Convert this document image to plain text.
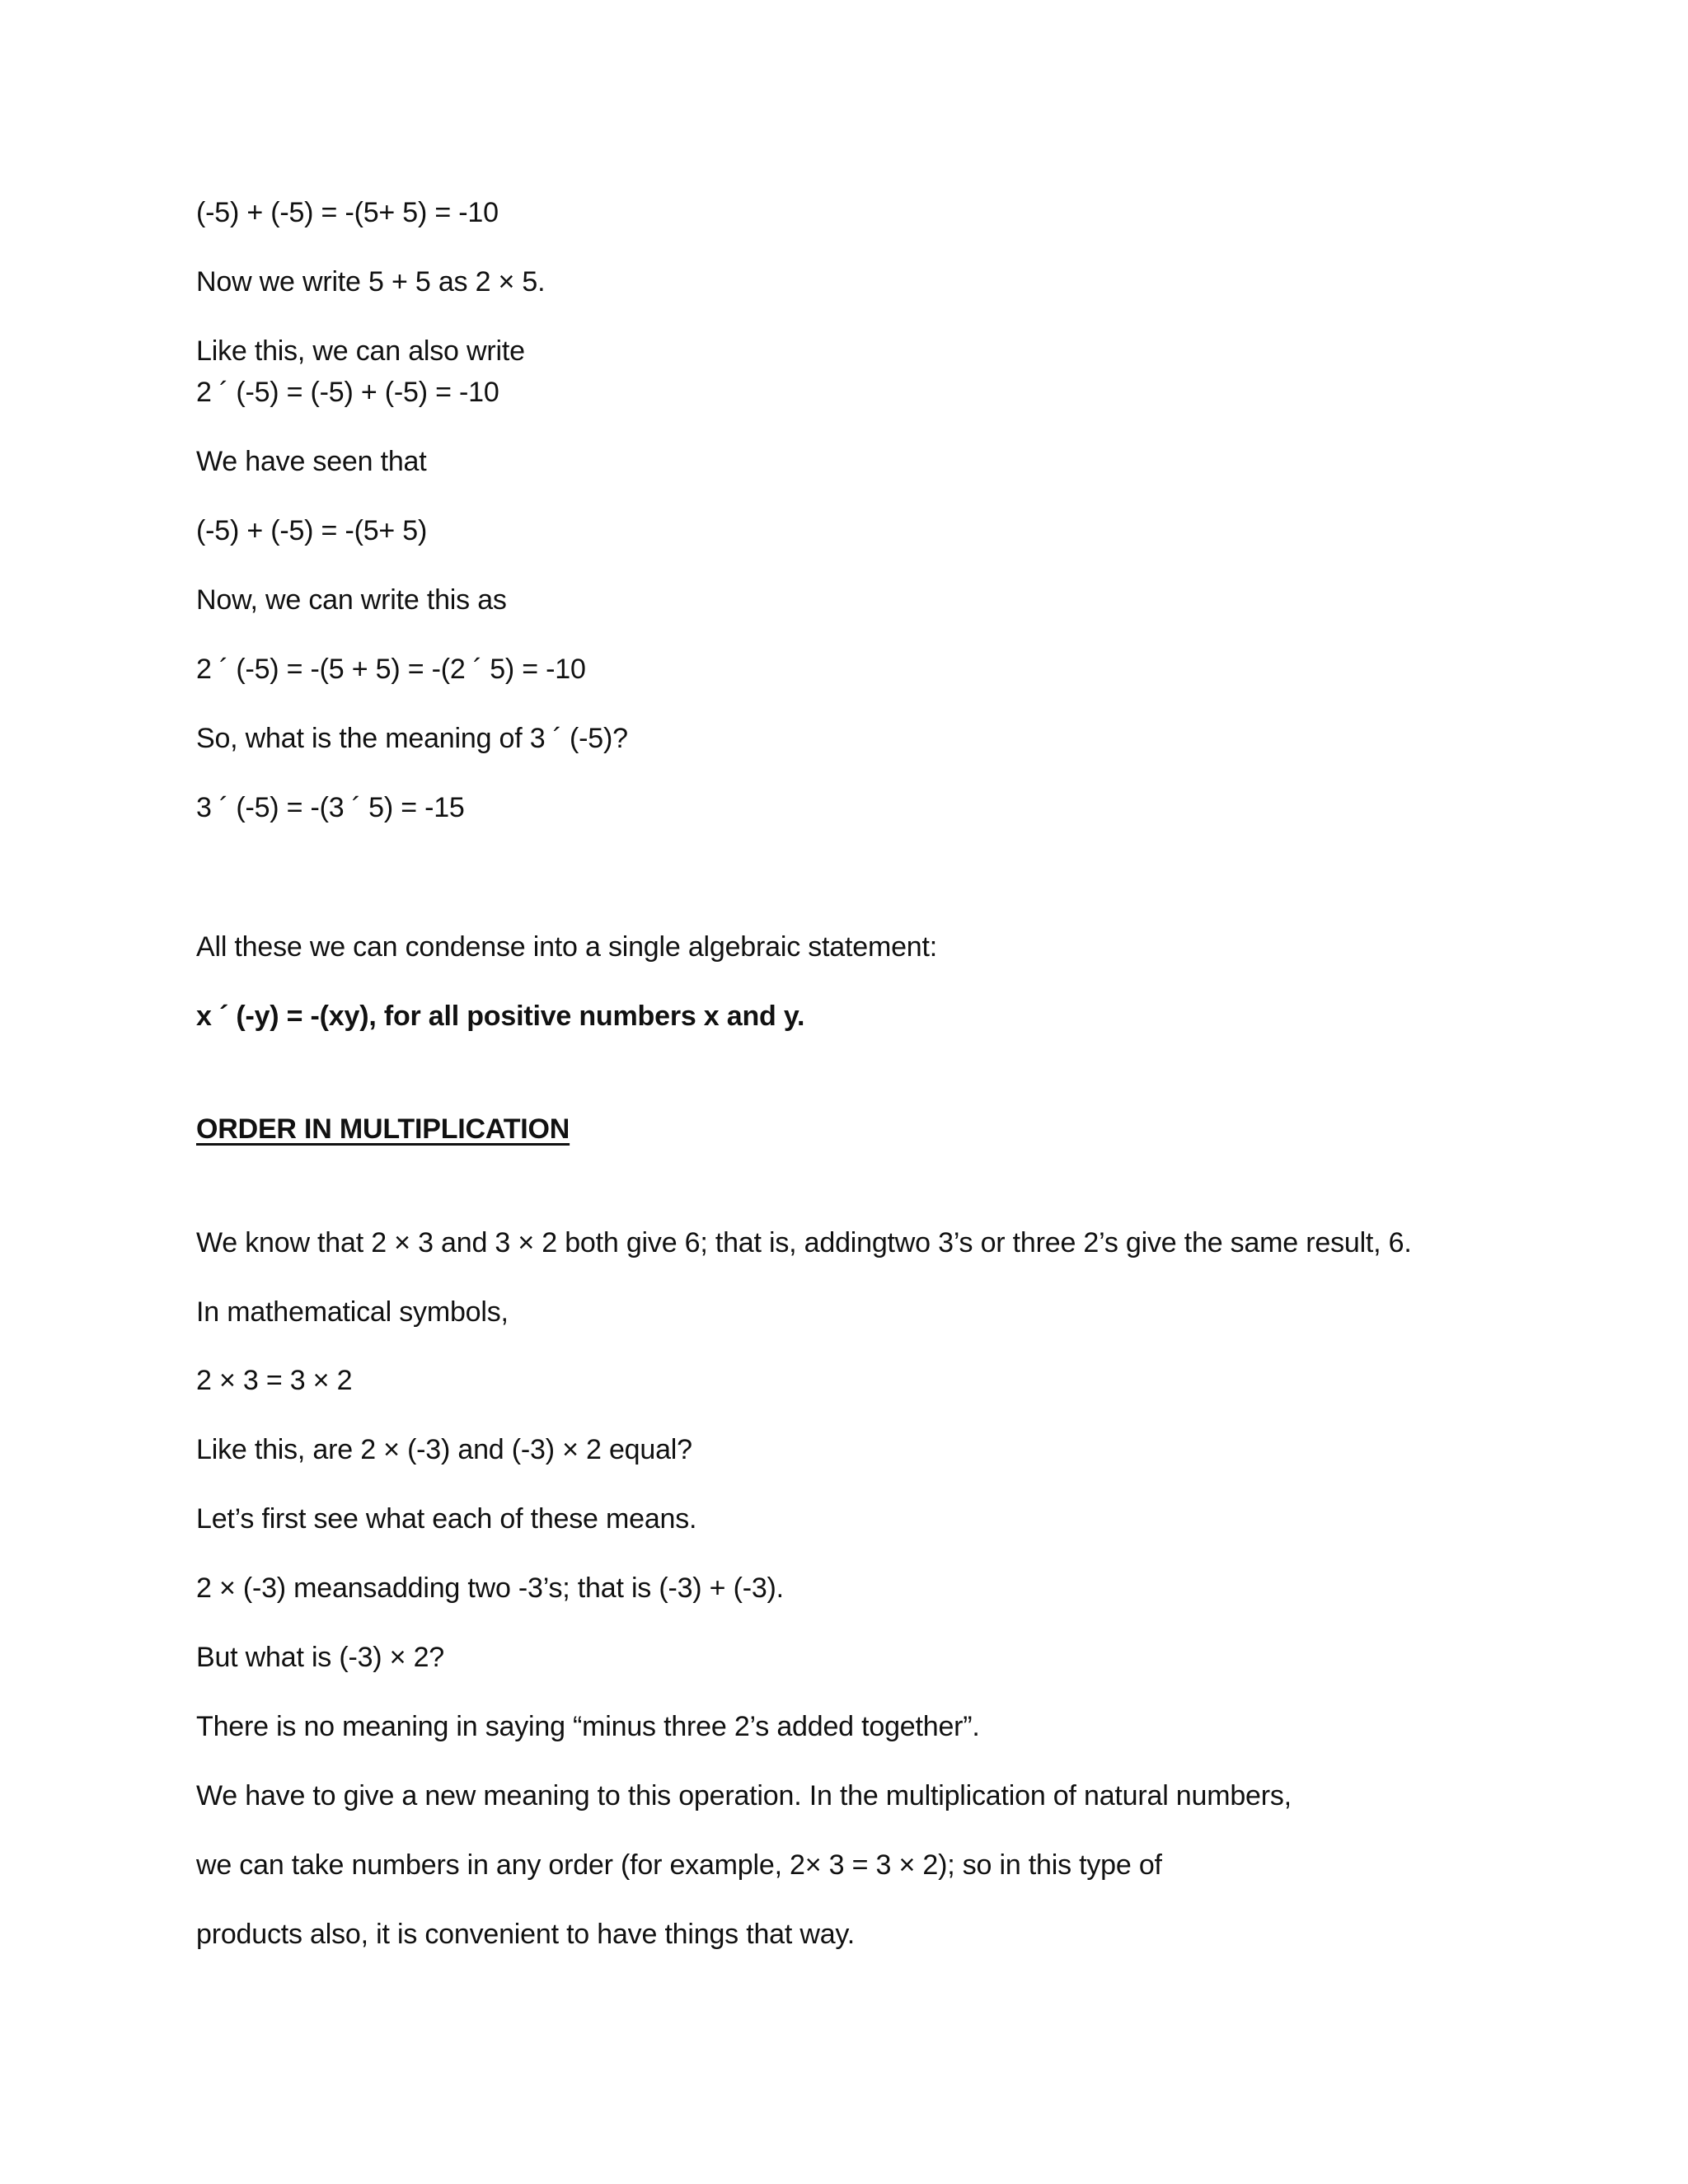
(-5) + (-5) = -(5+ 5) = -10
Now we write 5 + 5 as 2 × 5.
Like this, we can also write
2 ´ (-5) = (-5) + (-5) = -10
We have seen that
(-5) + (-5) = -(5+ 5)
Now, we can write this as
2 ´ (-5) = -(5 + 5) = -(2 ´ 5) = -10
So, what is the meaning of 3 ´ (-5)?
3 ´ (-5) = -(3 ´ 5) = -15
All these we can condense into a single algebraic statement:
x ´ (-y) = -(xy), for all positive numbers x and y.
ORDER IN MULTIPLICATION
We know that 2 × 3 and 3 × 2 both give 6; that is, addingtwo 3’s or three 2’s give the same result, 6.
In mathematical symbols,
2 × 3 = 3 × 2
Like this, are 2 × (-3) and (-3) × 2 equal?
Let’s first see what each of these means.
2 × (-3) meansadding two -3’s; that is (-3) + (-3).
But what is (-3) × 2?
There is no meaning in saying “minus three 2’s added together”.
We have to give a new meaning to this operation. In the multiplication of natural numbers,
we can take numbers in any order (for example, 2× 3 = 3 × 2); so in this type of
products also, it is convenient to have things that way.
